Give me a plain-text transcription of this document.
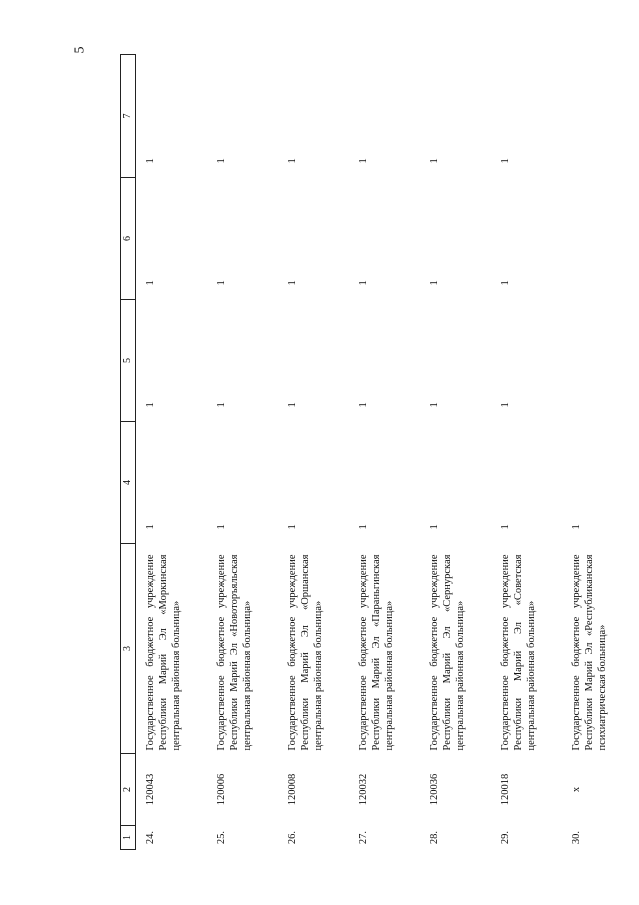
5
1	2	3	4	5	6	7
24.	120043	Государственное бюджетное учреждение Республики Марий Эл «Моркинская центральная районная больница»	1	1	1	1
25.	120006	Государственное бюджетное учреждение Республики Марий Эл «Новоторъяльская центральная районная больница»	1	1	1	1
26.	120008	Государственное бюджетное учреждение Республики Марий Эл «Оршанская центральная районная больница»	1	1	1	1
27.	120032	Государственное бюджетное учреждение Республики Марий Эл «Параньгинская центральная районная больница»	1	1	1	1
28.	120036	Государственное бюджетное учреждение Республики Марий Эл «Сернурская центральная районная больница»	1	1	1	1
29.	120018	Государственное бюджетное учреждение Республики Марий Эл «Советская центральная районная больница»	1	1	1	1
30.	х	Государственное бюджетное учреждение Республики Марий Эл «Республиканская психиатрическая больница»	1			
